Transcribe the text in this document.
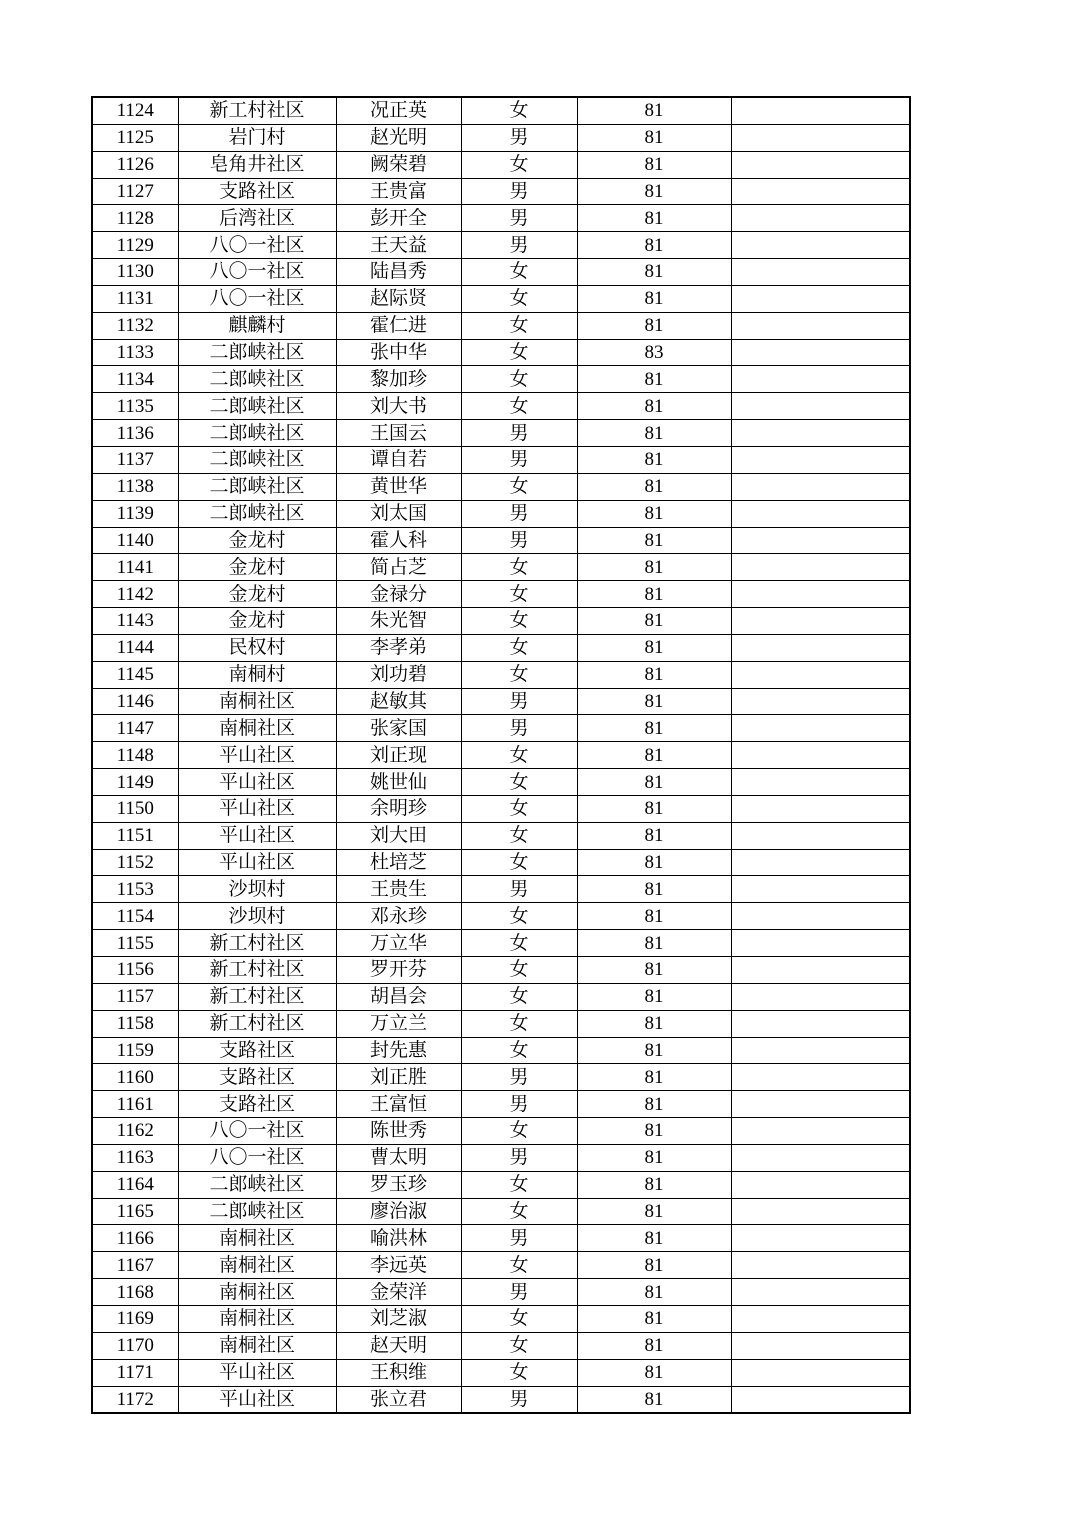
1124	新工村社区	况正英	女	81	
1125	岩门村	赵光明	男	81	
1126	皂角井社区	阙荣碧	女	81	
1127	支路社区	王贵富	男	81	
1128	后湾社区	彭开全	男	81	
1129	八〇一社区	王天益	男	81	
1130	八〇一社区	陆昌秀	女	81	
1131	八〇一社区	赵际贤	女	81	
1132	麒麟村	霍仁进	女	81	
1133	二郎峡社区	张中华	女	83	
1134	二郎峡社区	黎加珍	女	81	
1135	二郎峡社区	刘大书	女	81	
1136	二郎峡社区	王国云	男	81	
1137	二郎峡社区	谭自若	男	81	
1138	二郎峡社区	黄世华	女	81	
1139	二郎峡社区	刘太国	男	81	
1140	金龙村	霍人科	男	81	
1141	金龙村	简占芝	女	81	
1142	金龙村	金禄分	女	81	
1143	金龙村	朱光智	女	81	
1144	民权村	李孝弟	女	81	
1145	南桐村	刘功碧	女	81	
1146	南桐社区	赵敏其	男	81	
1147	南桐社区	张家国	男	81	
1148	平山社区	刘正现	女	81	
1149	平山社区	姚世仙	女	81	
1150	平山社区	余明珍	女	81	
1151	平山社区	刘大田	女	81	
1152	平山社区	杜培芝	女	81	
1153	沙坝村	王贵生	男	81	
1154	沙坝村	邓永珍	女	81	
1155	新工村社区	万立华	女	81	
1156	新工村社区	罗开芬	女	81	
1157	新工村社区	胡昌会	女	81	
1158	新工村社区	万立兰	女	81	
1159	支路社区	封先惠	女	81	
1160	支路社区	刘正胜	男	81	
1161	支路社区	王富恒	男	81	
1162	八〇一社区	陈世秀	女	81	
1163	八〇一社区	曹太明	男	81	
1164	二郎峡社区	罗玉珍	女	81	
1165	二郎峡社区	廖治淑	女	81	
1166	南桐社区	喻洪林	男	81	
1167	南桐社区	李远英	女	81	
1168	南桐社区	金荣洋	男	81	
1169	南桐社区	刘芝淑	女	81	
1170	南桐社区	赵天明	女	81	
1171	平山社区	王积维	女	81	
1172	平山社区	张立君	男	81	
